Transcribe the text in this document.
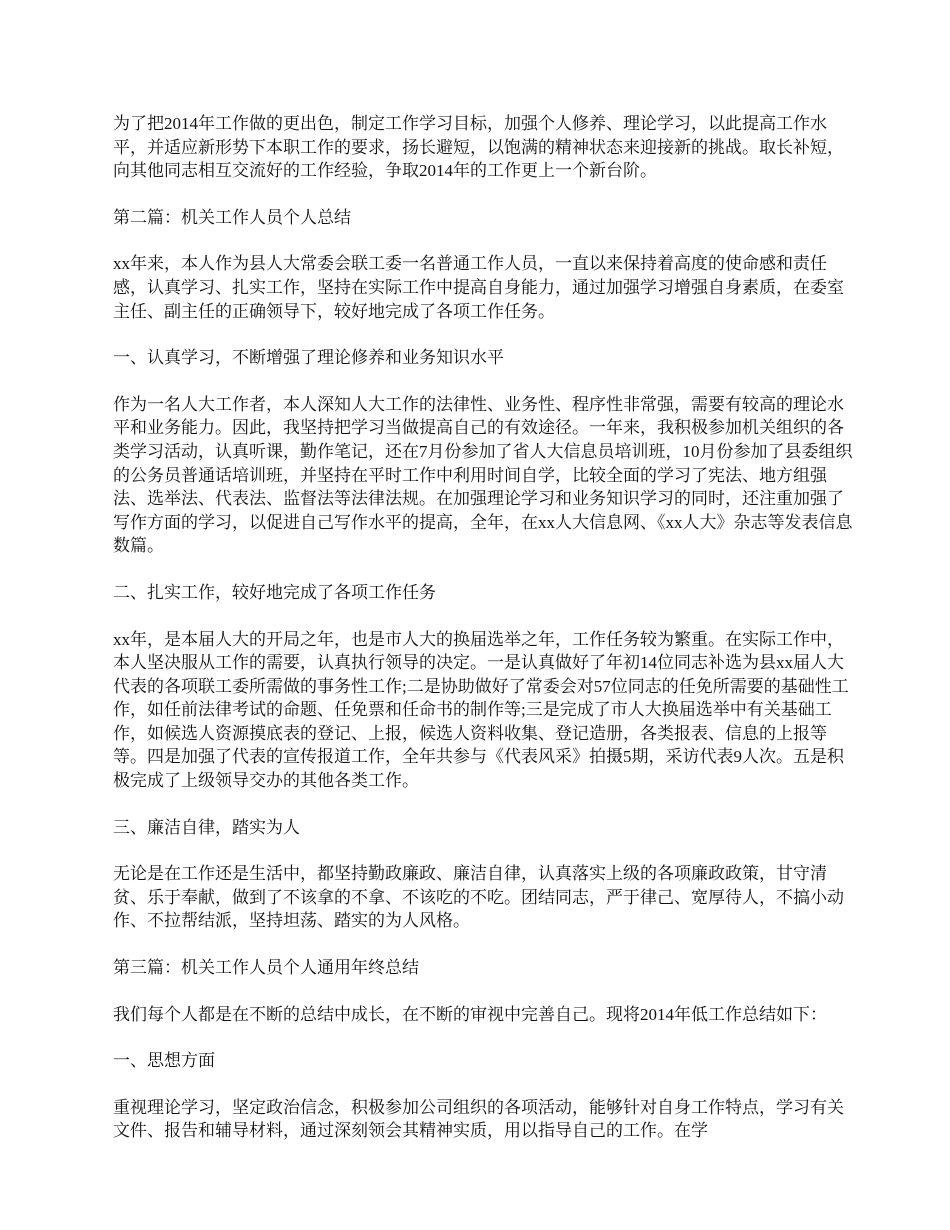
为了把2014年工作做的更出色，制定工作学习目标，加强个人修养、理论学习，以此提高工作水平，并适应新形势下本职工作的要求，扬长避短，以饱满的精神状态来迎接新的挑战。取长补短，向其他同志相互交流好的工作经验，争取2014年的工作更上一个新台阶。

第二篇：机关工作人员个人总结

xx年来，本人作为县人大常委会联工委一名普通工作人员，一直以来保持着高度的使命感和责任感，认真学习、扎实工作，坚持在实际工作中提高自身能力，通过加强学习增强自身素质，在委室主任、副主任的正确领导下，较好地完成了各项工作任务。

一、认真学习，不断增强了理论修养和业务知识水平

作为一名人大工作者，本人深知人大工作的法律性、业务性、程序性非常强，需要有较高的理论水平和业务能力。因此，我坚持把学习当做提高自己的有效途径。一年来，我积极参加机关组织的各类学习活动，认真听课，勤作笔记，还在7月份参加了省人大信息员培训班，10月份参加了县委组织的公务员普通话培训班，并坚持在平时工作中利用时间自学，比较全面的学习了宪法、地方组强法、选举法、代表法、监督法等法律法规。在加强理论学习和业务知识学习的同时，还注重加强了写作方面的学习，以促进自己写作水平的提高，全年，在xx人大信息网、《xx人大》杂志等发表信息数篇。

二、扎实工作，较好地完成了各项工作任务

xx年，是本届人大的开局之年，也是市人大的换届选举之年，工作任务较为繁重。在实际工作中，本人坚决服从工作的需要，认真执行领导的决定。一是认真做好了年初14位同志补选为县xx届人大代表的各项联工委所需做的事务性工作;二是协助做好了常委会对57位同志的任免所需要的基础性工作，如任前法律考试的命题、任免票和任命书的制作等;三是完成了市人大换届选举中有关基础工作，如候选人资源摸底表的登记、上报，候选人资料收集、登记造册，各类报表、信息的上报等等。四是加强了代表的宣传报道工作，全年共参与《代表风采》拍摄5期，采访代表9人次。五是积极完成了上级领导交办的其他各类工作。

三、廉洁自律，踏实为人

无论是在工作还是生活中，都坚持勤政廉政、廉洁自律，认真落实上级的各项廉政政策，甘守清贫、乐于奉献，做到了不该拿的不拿、不该吃的不吃。团结同志，严于律己、宽厚待人，不搞小动作、不拉帮结派，坚持坦荡、踏实的为人风格。

第三篇：机关工作人员个人通用年终总结

我们每个人都是在不断的总结中成长，在不断的审视中完善自己。现将2014年低工作总结如下：

一、思想方面

重视理论学习，坚定政治信念，积极参加公司组织的各项活动，能够针对自身工作特点，学习有关文件、报告和辅导材料，通过深刻领会其精神实质，用以指导自己的工作。在学
